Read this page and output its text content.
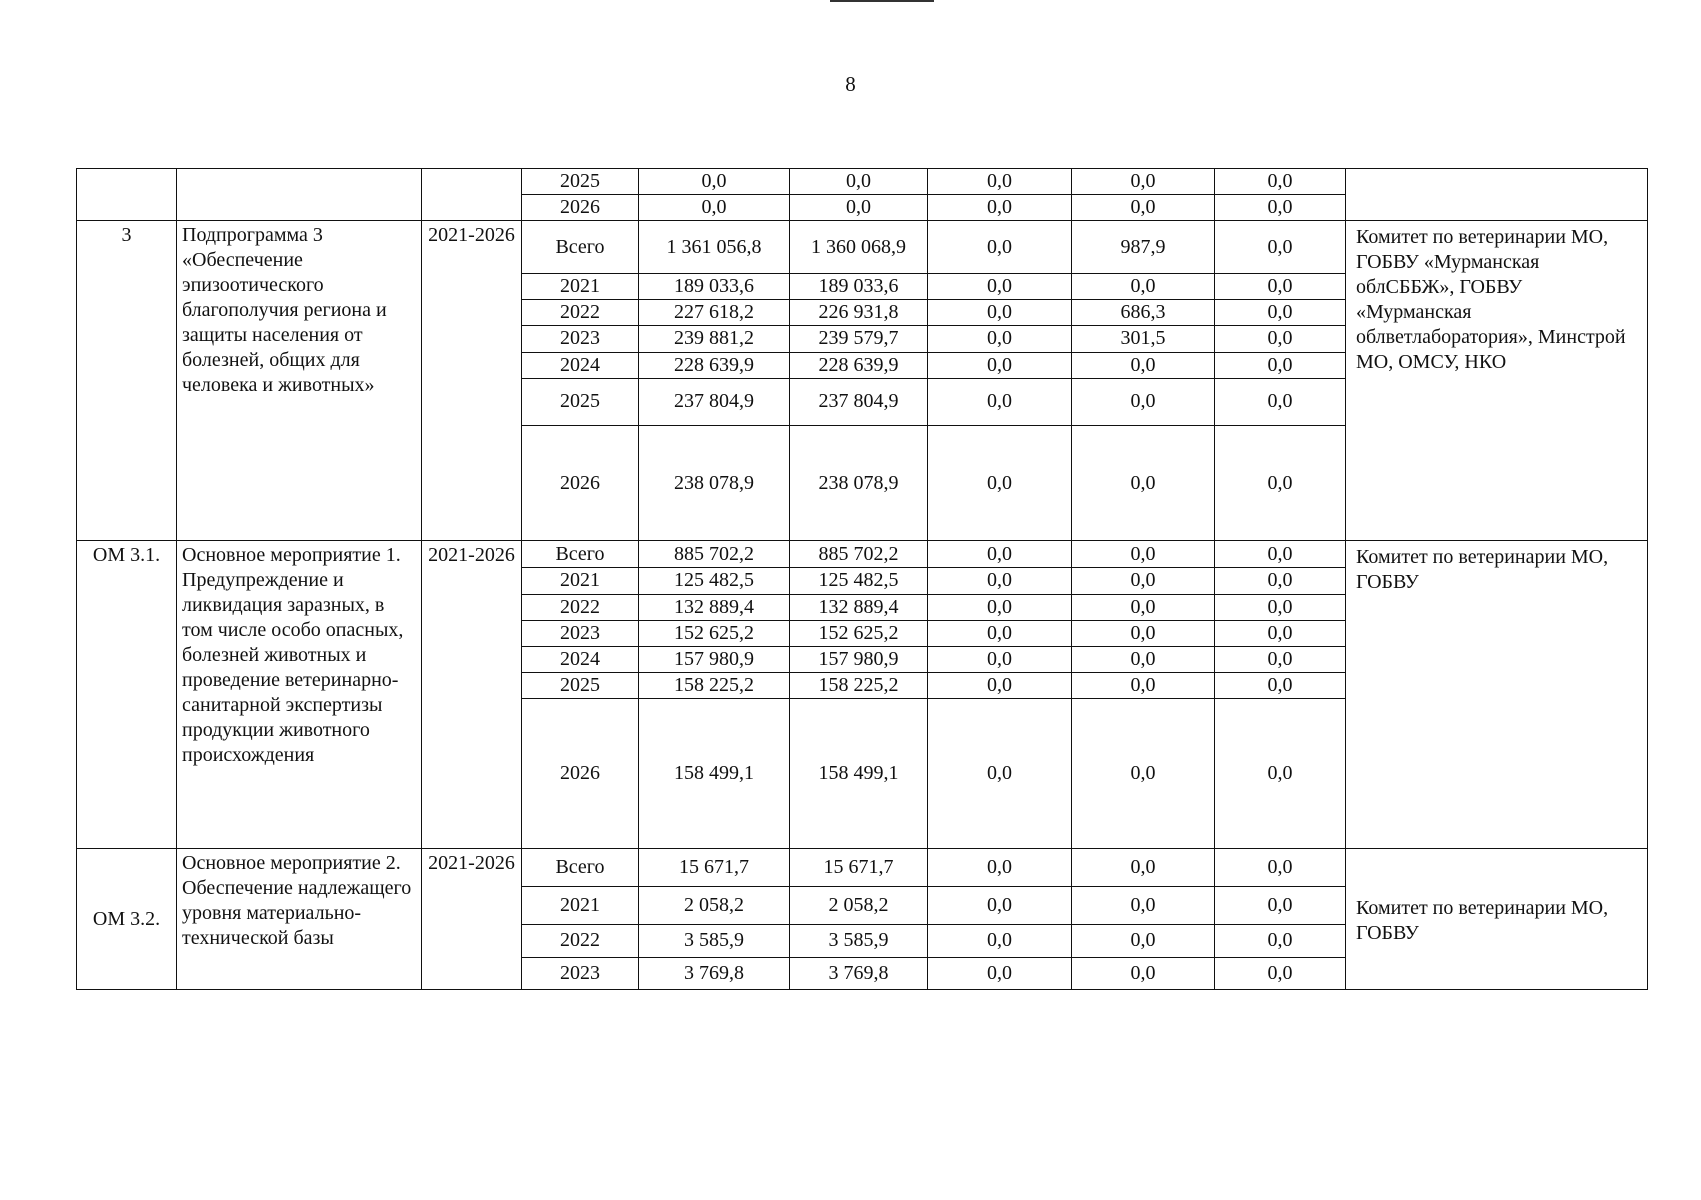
8
			2025	0,0	0,0	0,0	0,0	0,0	
			2026	0,0	0,0	0,0	0,0	0,0	
3	Подпрограмма 3 «Обеспечение эпизоотического благополучия региона и защиты населения от болезней, общих для человека и животных»	2021-2026	Всего	1 361 056,8	1 360 068,9	0,0	987,9	0,0	Комитет по ветеринарии МО, ГОБВУ «Мурманская облСББЖ», ГОБВУ «Мурманская облветлаборатория», Минстрой МО, ОМСУ, НКО
			2021	189 033,6	189 033,6	0,0	0,0	0,0	
			2022	227 618,2	226 931,8	0,0	686,3	0,0	
			2023	239 881,2	239 579,7	0,0	301,5	0,0	
			2024	228 639,9	228 639,9	0,0	0,0	0,0	
			2025	237 804,9	237 804,9	0,0	0,0	0,0	
			2026	238 078,9	238 078,9	0,0	0,0	0,0	
ОМ 3.1.	Основное мероприятие 1. Предупреждение и ликвидация заразных, в том числе особо опасных, болезней животных и проведение ветеринарно-санитарной экспертизы продукции животного происхождения	2021-2026	Всего	885 702,2	885 702,2	0,0	0,0	0,0	Комитет по ветеринарии МО, ГОБВУ
			2021	125 482,5	125 482,5	0,0	0,0	0,0	
			2022	132 889,4	132 889,4	0,0	0,0	0,0	
			2023	152 625,2	152 625,2	0,0	0,0	0,0	
			2024	157 980,9	157 980,9	0,0	0,0	0,0	
			2025	158 225,2	158 225,2	0,0	0,0	0,0	
			2026	158 499,1	158 499,1	0,0	0,0	0,0	
ОМ 3.2.	Основное мероприятие 2. Обеспечение надлежащего уровня материально-технической базы	2021-2026	Всего	15 671,7	15 671,7	0,0	0,0	0,0	Комитет по ветеринарии МО, ГОБВУ
			2021	2 058,2	2 058,2	0,0	0,0	0,0	
			2022	3 585,9	3 585,9	0,0	0,0	0,0	
			2023	3 769,8	3 769,8	0,0	0,0	0,0	
